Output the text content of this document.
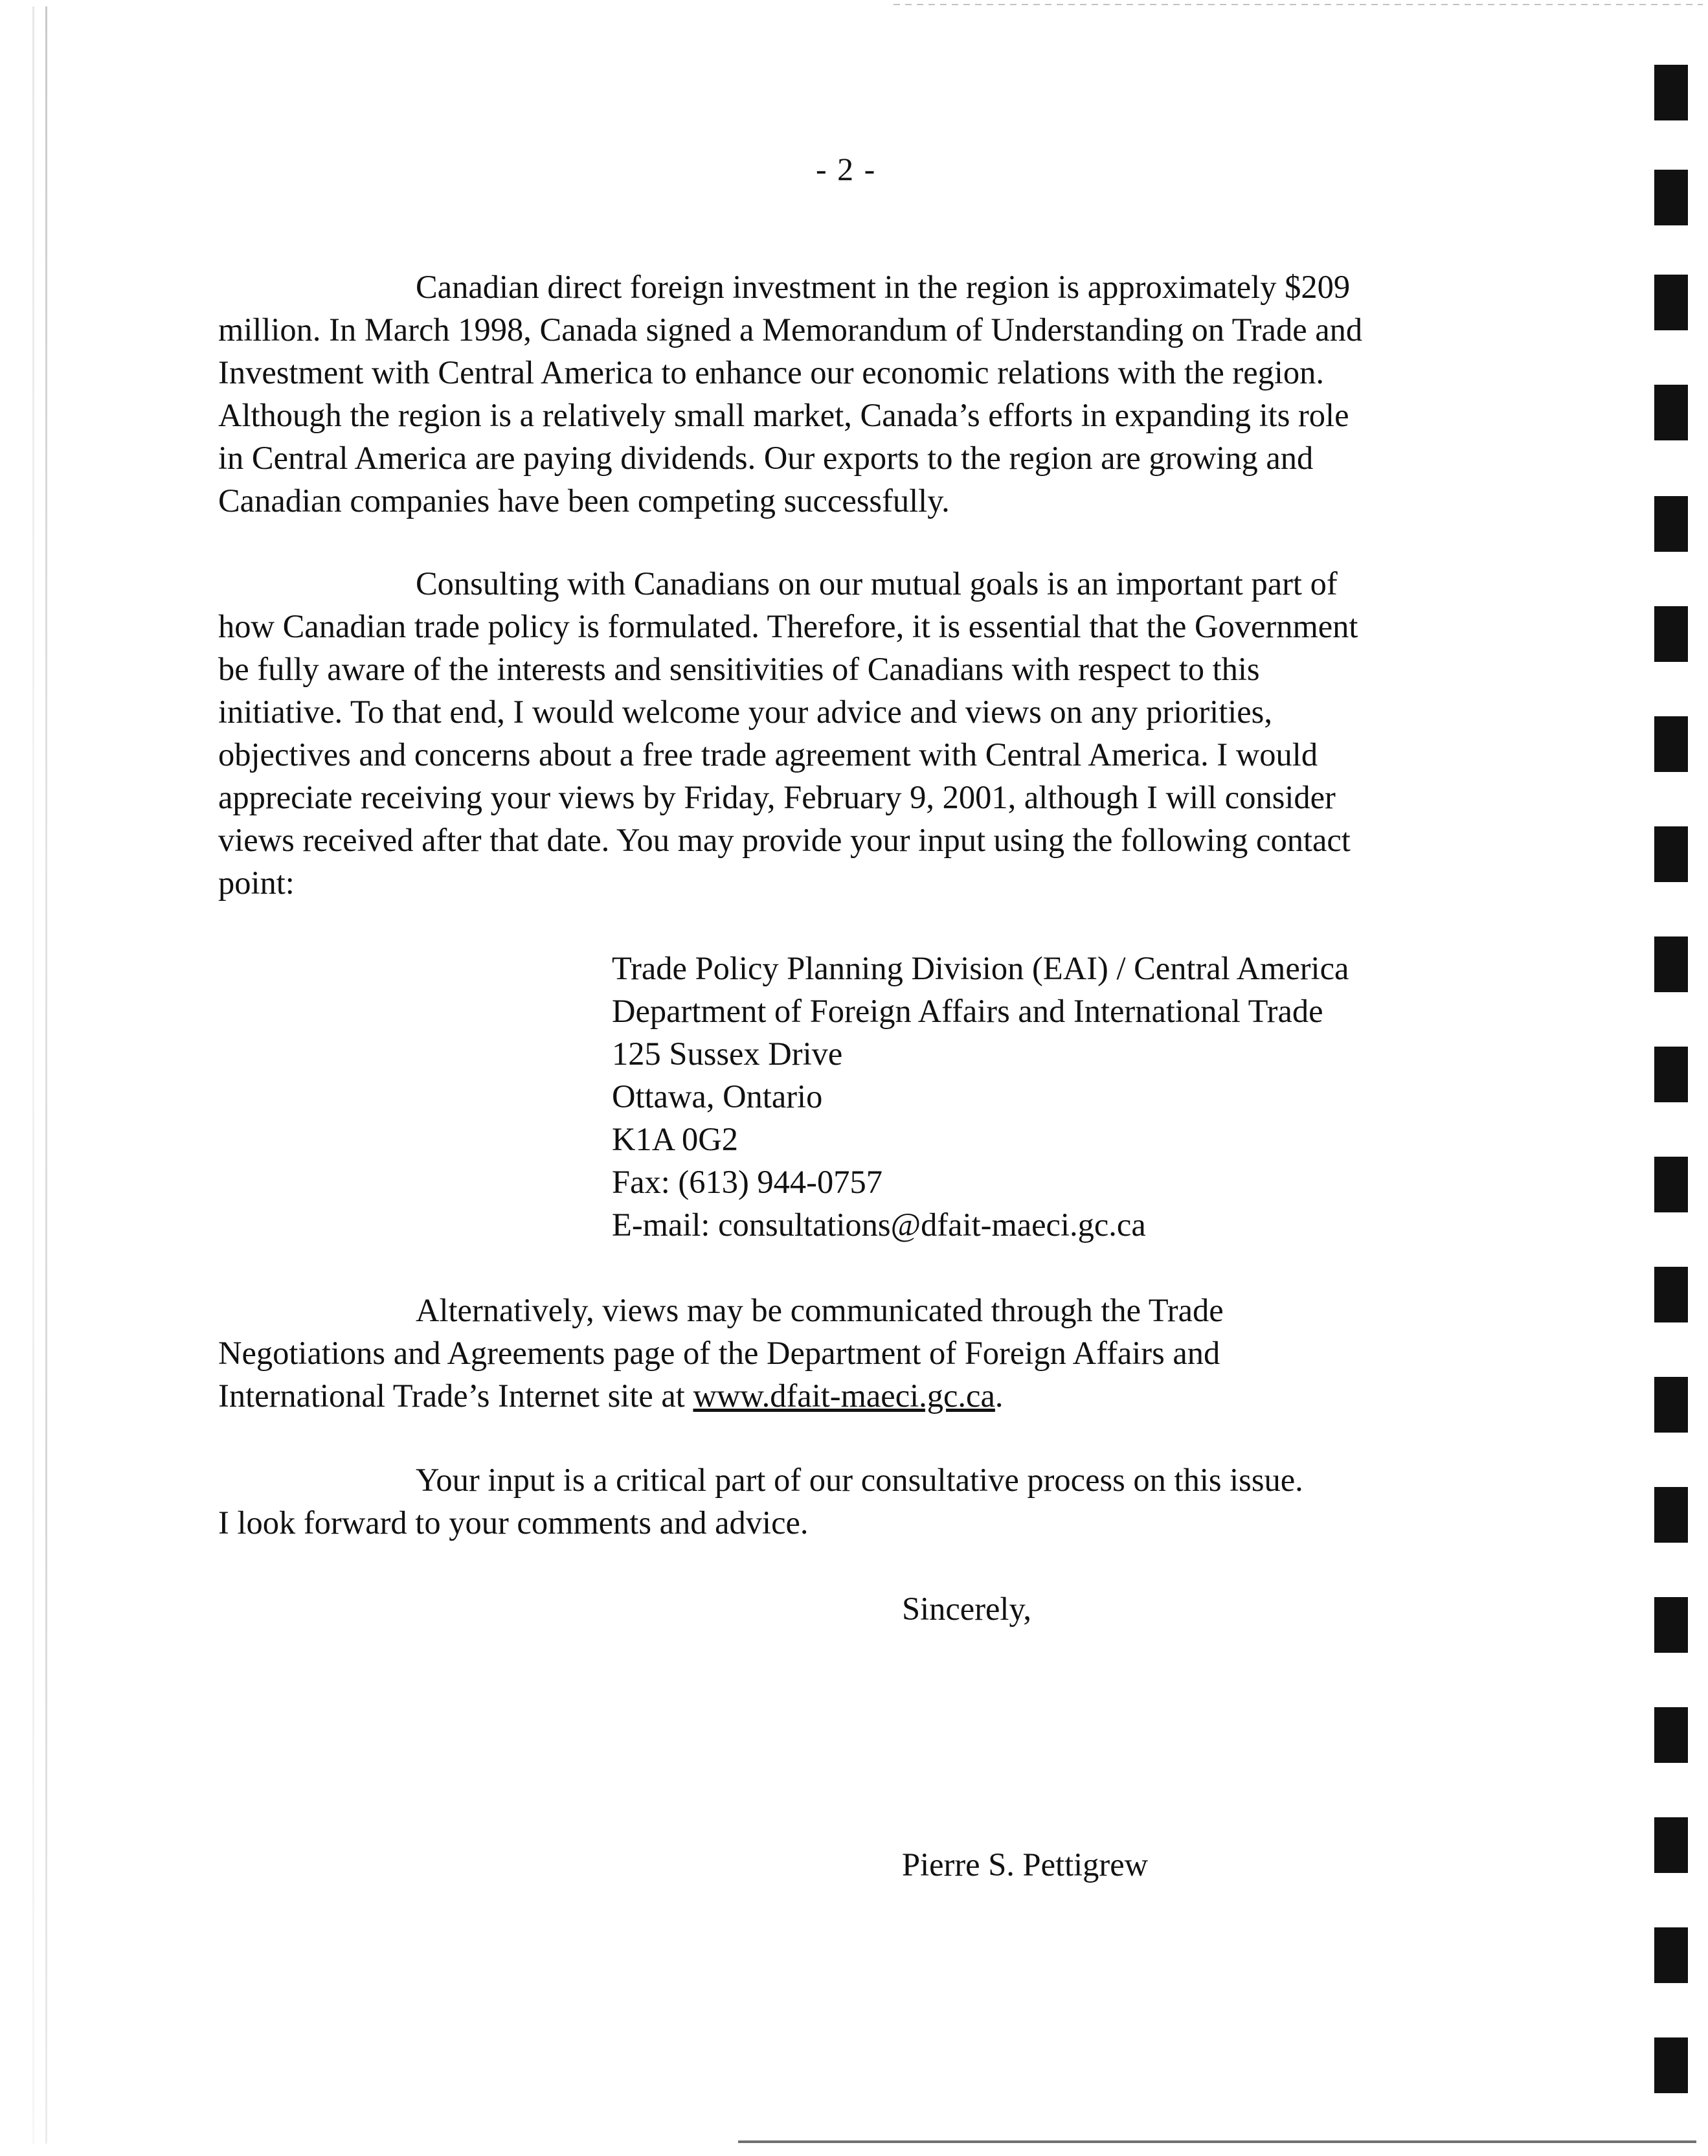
- 2 -

Canadian direct foreign investment in the region is approximately $209
million. In March 1998, Canada signed a Memorandum of Understanding on Trade and
Investment with Central America to enhance our economic relations with the region.
Although the region is a relatively small market, Canada’s efforts in expanding its role
in Central America are paying dividends. Our exports to the region are growing and
Canadian companies have been competing successfully.

Consulting with Canadians on our mutual goals is an important part of
how Canadian trade policy is formulated. Therefore, it is essential that the Government
be fully aware of the interests and sensitivities of Canadians with respect to this
initiative. To that end, I would welcome your advice and views on any priorities,
objectives and concerns about a free trade agreement with Central America. I would
appreciate receiving your views by Friday, February 9, 2001, although I will consider
views received after that date. You may provide your input using the following contact
point:

Trade Policy Planning Division (EAI) / Central America
Department of Foreign Affairs and International Trade
125 Sussex Drive
Ottawa, Ontario
K1A 0G2
Fax: (613) 944-0757
E-mail: consultations@dfait-maeci.gc.ca

Alternatively, views may be communicated through the Trade
Negotiations and Agreements page of the Department of Foreign Affairs and
International Trade’s Internet site at www.dfait-maeci.gc.ca.

Your input is a critical part of our consultative process on this issue.
I look forward to your comments and advice.

Sincerely,
Pierre S. Pettigrew
